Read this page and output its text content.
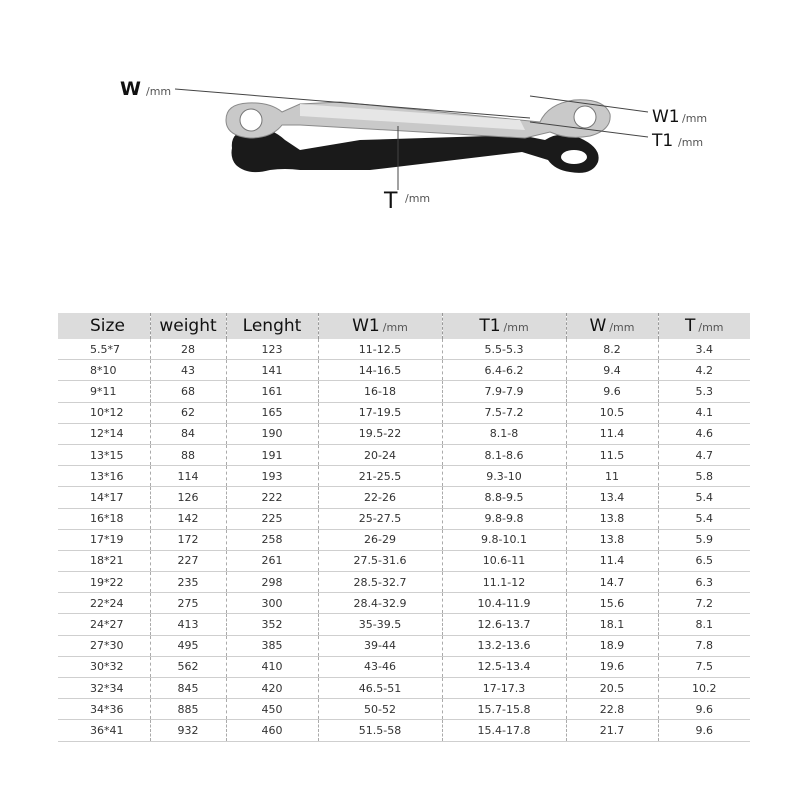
W /mm
W1 /mm
T1 /mm
T /mm
Size	weight	Lenght	W1 /mm	T1 /mm	W /mm	T /mm
5.5*7	28	123	11-12.5	5.5-5.3	8.2	3.4
8*10	43	141	14-16.5	6.4-6.2	9.4	4.2
9*11	68	161	16-18	7.9-7.9	9.6	5.3
10*12	62	165	17-19.5	7.5-7.2	10.5	4.1
12*14	84	190	19.5-22	8.1-8	11.4	4.6
13*15	88	191	20-24	8.1-8.6	11.5	4.7
13*16	114	193	21-25.5	9.3-10	11	5.8
14*17	126	222	22-26	8.8-9.5	13.4	5.4
16*18	142	225	25-27.5	9.8-9.8	13.8	5.4
17*19	172	258	26-29	9.8-10.1	13.8	5.9
18*21	227	261	27.5-31.6	10.6-11	11.4	6.5
19*22	235	298	28.5-32.7	11.1-12	14.7	6.3
22*24	275	300	28.4-32.9	10.4-11.9	15.6	7.2
24*27	413	352	35-39.5	12.6-13.7	18.1	8.1
27*30	495	385	39-44	13.2-13.6	18.9	7.8
30*32	562	410	43-46	12.5-13.4	19.6	7.5
32*34	845	420	46.5-51	17-17.3	20.5	10.2
34*36	885	450	50-52	15.7-15.8	22.8	9.6
36*41	932	460	51.5-58	15.4-17.8	21.7	9.6
